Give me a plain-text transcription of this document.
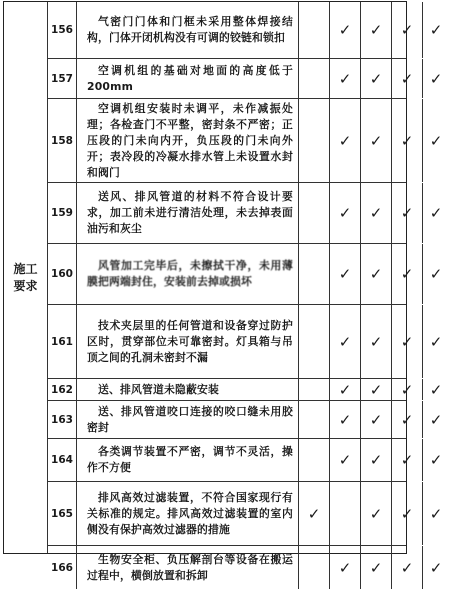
施工要求
156
气密门门体和门框未采用整体焊接结构，门体开闭机构没有可调的铰链和锁扣	✓ ✓ ✓ ✓
157
空调机组的基础对地面的高度低于 200mm	✓ ✓ ✓ ✓
158
空调机组安装时未调平，未作减振处理；各检查门不平整，密封条不严密；正压段的门未向内开，负压段的门未向外开；表冷段的冷凝水排水管上未设置水封和阀门
✓ ✓ ✓ ✓
159
送风、排风管道的材料不符合设计要求，加工前未进行清洁处理，未去掉表面油污和灰尘
✓ ✓ ✓ ✓
160
风管加工完毕后，未擦拭干净，未用薄膜把两端封住，安装前去掉或损坏	✓ ✓ ✓ ✓
161
技术夹层里的任何管道和设备穿过防护区时，贯穿部位未可靠密封。灯具箱与吊顶之间的孔洞未密封不漏
✓ ✓ ✓ ✓
162	送、排风管道未隐蔽安装	✓ ✓ ✓ ✓
163
送、排风管道咬口连接的咬口缝未用胶密封	✓ ✓ ✓ ✓
164
各类调节装置不严密，调节不灵活，操作不方便	✓ ✓ ✓ ✓
165
排风高效过滤装置，不符合国家现行有关标准的规定。排风高效过滤装置的室内侧没有保护高效过滤器的措施
✓	✓ ✓ ✓
166
生物安全柜、负压解剖台等设备在搬运过程中，横倒放置和拆卸	✓ ✓ ✓ ✓
